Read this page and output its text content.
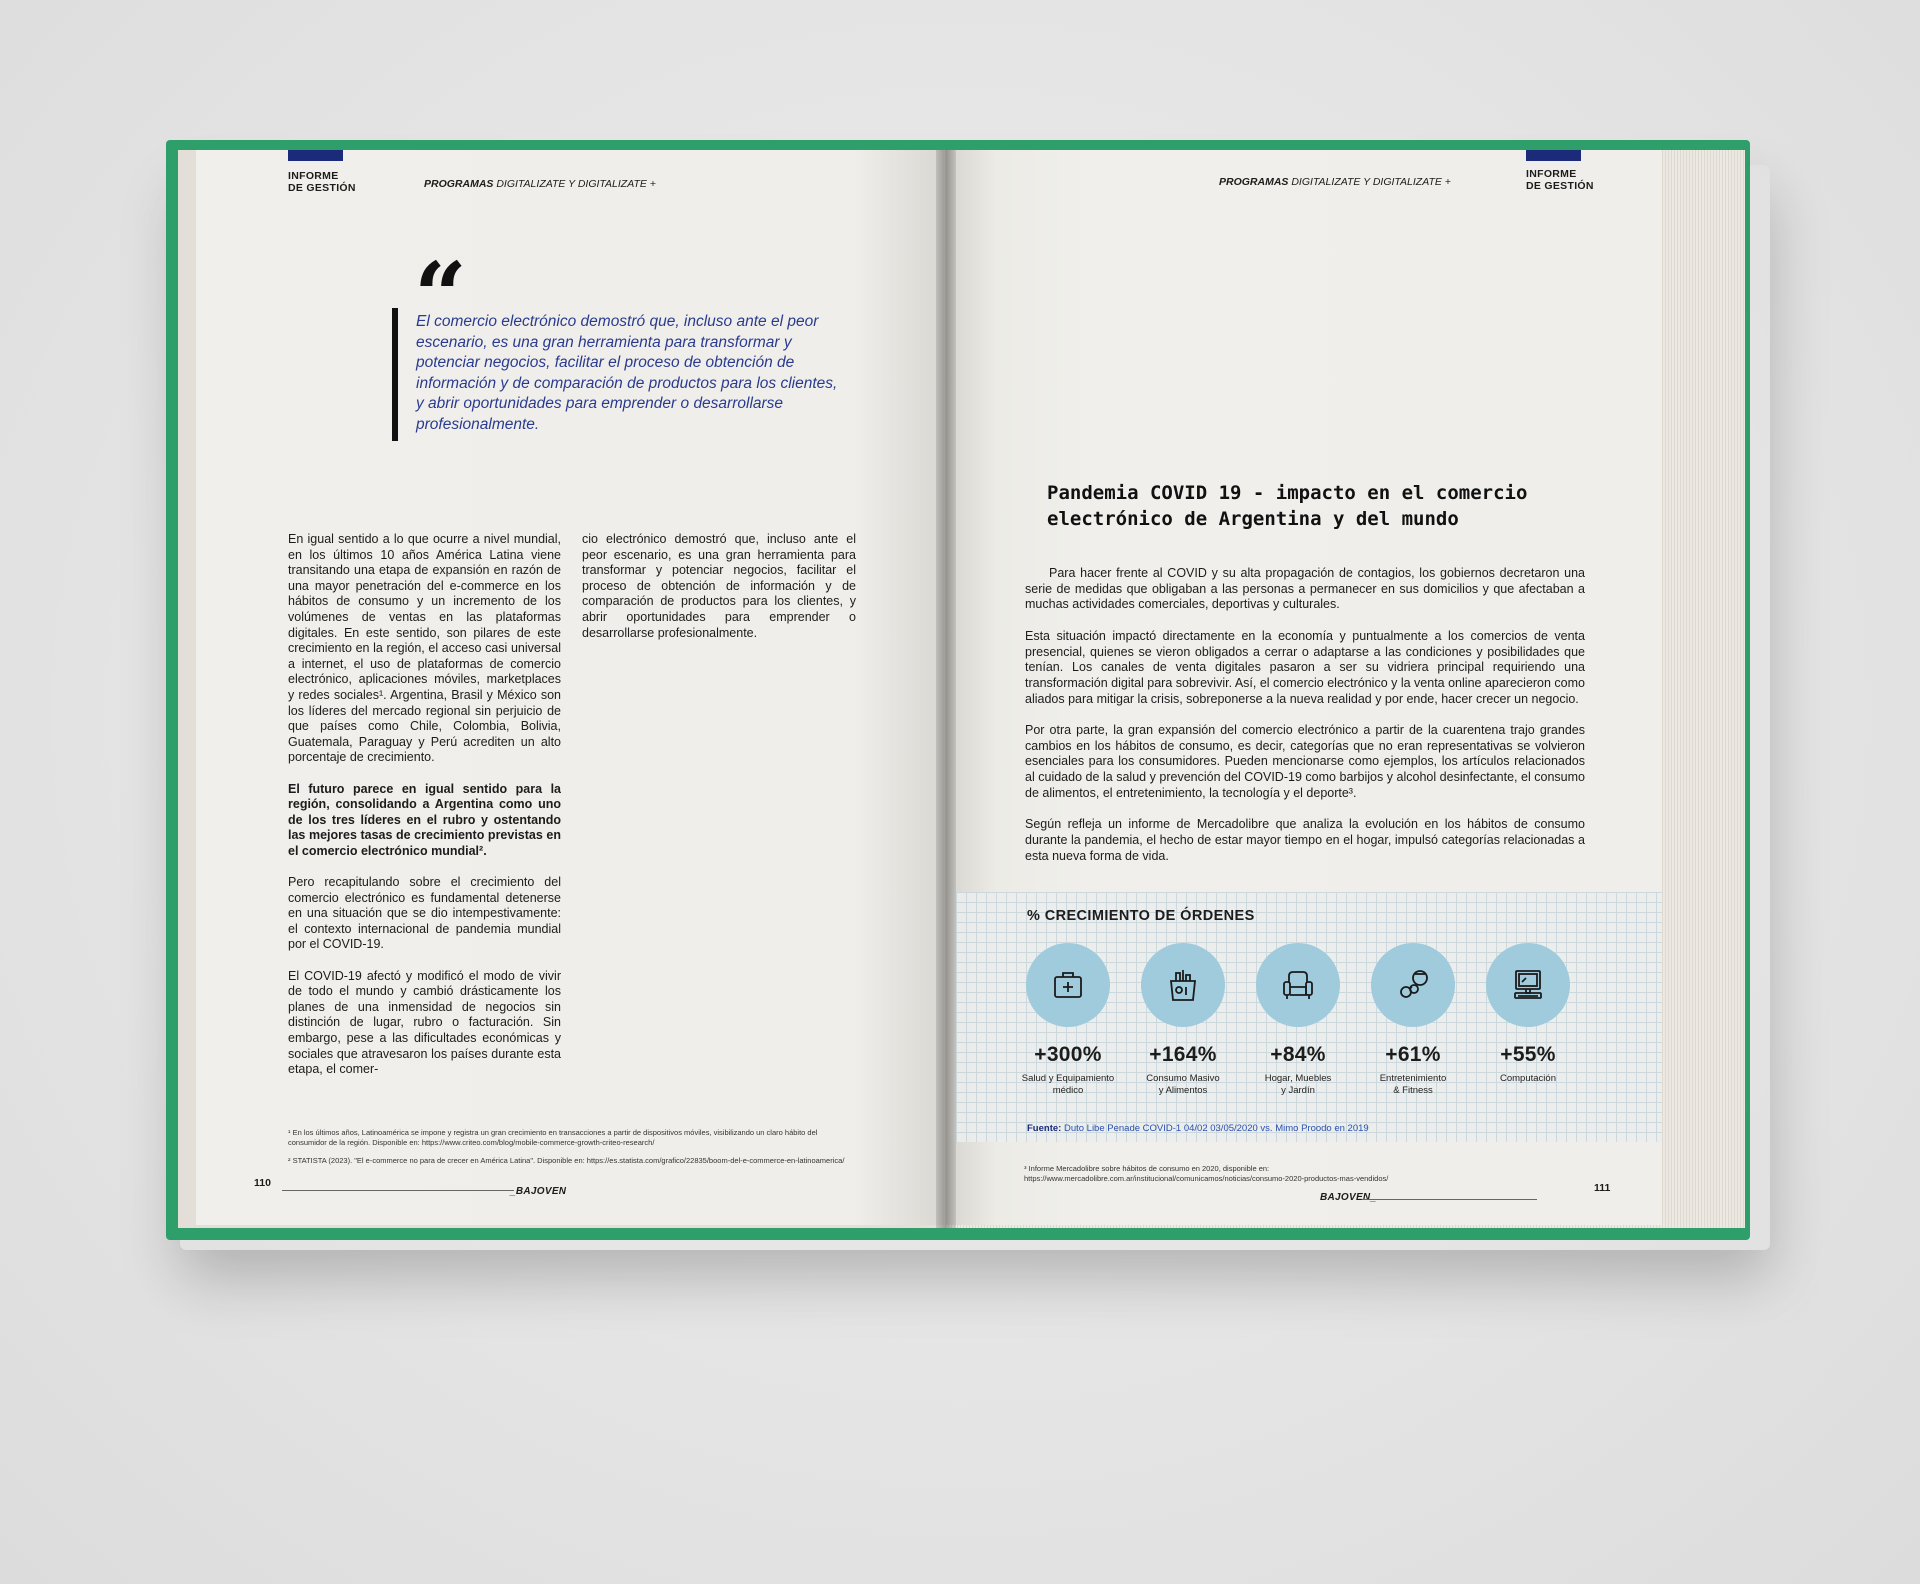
INFORME
DE GESTIÓN	PROGRAMAS DIGITALIZATE Y DIGITALIZATE +
“
El comercio electrónico demostró que, incluso ante el peor escenario, es una gran herramienta para transformar y potenciar negocios, facilitar el proceso de obtención de información y de comparación de productos para los clientes, y abrir oportunidades para emprender o desarrollarse profesionalmente.

En igual sentido a lo que ocurre a nivel mundial, en los últimos 10 años América Latina viene transitando una etapa de expansión en razón de una mayor penetración del e-commerce en los hábitos de consumo y un incremento de los volúmenes de ventas en las plataformas digitales. En este sentido, son pilares de este crecimiento en la región, el acceso casi universal a internet, el uso de plataformas de comercio electrónico, aplicaciones móviles, marketplaces y redes sociales¹. Argentina, Brasil y México son los líderes del mercado regional sin perjuicio de que países como Chile, Colombia, Bolivia, Guatemala, Paraguay y Perú acrediten un alto porcentaje de crecimiento.

El futuro parece en igual sentido para la región, consolidando a Argentina como uno de los tres líderes en el rubro y ostentando las mejores tasas de crecimiento previstas en el comercio electrónico mundial².

Pero recapitulando sobre el crecimiento del comercio electrónico es fundamental detenerse en una situación que se dio intempestivamente: el contexto internacional de pandemia mundial por el COVID-19.

El COVID-19 afectó y modificó el modo de vivir de todo el mundo y cambió drásticamente los planes de una inmensidad de negocios sin distinción de lugar, rubro o facturación. Sin embargo, pese a las dificultades económicas y sociales que atravesaron los países durante esta etapa, el comer-

cio electrónico demostró que, incluso ante el peor escenario, es una gran herramienta para transformar y potenciar negocios, facilitar el proceso de obtención de información y de comparación de productos para los clientes, y abrir oportunidades para emprender o desarrollarse profesionalmente.

¹ En los últimos años, Latinoamérica se impone y registra un gran crecimiento en transacciones a partir de dispositivos móviles, visibilizando un claro hábito del consumidor de la región. Disponible en: https://www.criteo.com/blog/mobile-commerce-growth-criteo-research/

² STATISTA (2023). "El e-commerce no para de crecer en América Latina". Disponible en: https://es.statista.com/grafico/22835/boom-del-e-commerce-en-latinoamerica/

110
_BAJOVEN
INFORME
DE GESTIÓN
PROGRAMAS DIGITALIZATE Y DIGITALIZATE +
Pandemia COVID 19 - impacto en el comercio electrónico de Argentina y del mundo

Para hacer frente al COVID y su alta propagación de contagios, los gobiernos decretaron una serie de medidas que obligaban a las personas a permanecer en sus domicilios y que afectaban a muchas actividades comerciales, deportivas y culturales.

Esta situación impactó directamente en la economía y puntualmente a los comercios de venta presencial, quienes se vieron obligados a cerrar o adaptarse a las condiciones y posibilidades que tenían. Los canales de venta digitales pasaron a ser su vidriera principal requiriendo una transformación digital para sobrevivir. Así, el comercio electrónico y la venta online aparecieron como aliados para mitigar la crisis, sobreponerse a la nueva realidad y por ende, hacer crecer un negocio.

Por otra parte, la gran expansión del comercio electrónico a partir de la cuarentena trajo grandes cambios en los hábitos de consumo, es decir, categorías que no eran representativas se volvieron esenciales para los consumidores. Pueden mencionarse como ejemplos, los artículos relacionados al cuidado de la salud y prevención del COVID-19 como barbijos y alcohol desinfectante, el consumo de alimentos, el entretenimiento, la tecnología y el deporte³.

Según refleja un informe de Mercadolibre que analiza la evolución en los hábitos de consumo durante la pandemia, el hecho de estar mayor tiempo en el hogar, impulsó categorías relacionadas a esta nueva forma de vida.

% CRECIMIENTO DE ÓRDENES
+300%
Salud y Equipamiento
médico
+164%
Consumo Masivo
y Alimentos
+84%
Hogar, Muebles
y Jardín
+61%
Entretenimiento
& Fitness
+55%
Computación
Fuente: Duto Libe Penade COVID-1 04/02 03/05/2020 vs. Mimo Proodo en 2019
³ Informe Mercadolibre sobre hábitos de consumo en 2020, disponible en:
https://www.mercadolibre.com.ar/institucional/comunicamos/noticias/consumo-2020-productos-mas-vendidos/
BAJOVEN_
111
